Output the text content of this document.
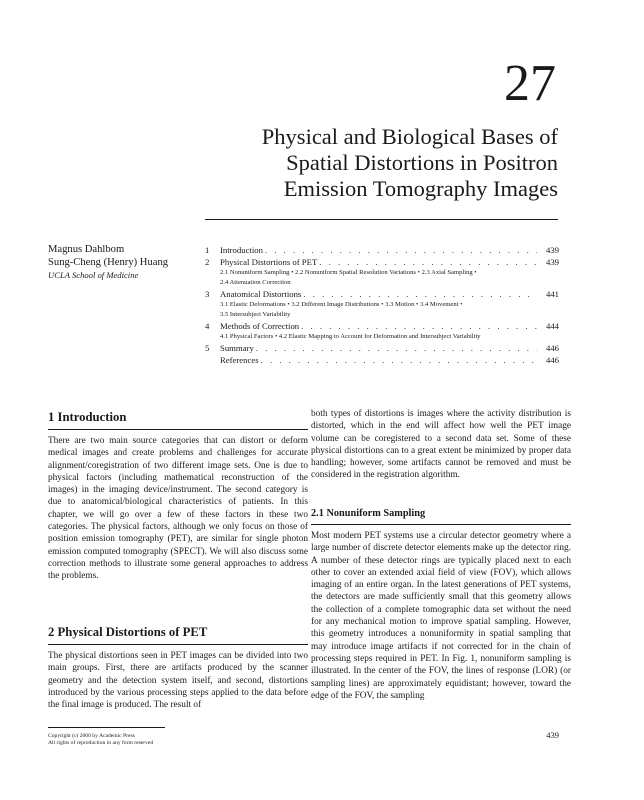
27
Physical and Biological Bases of
Spatial Distortions in Positron
Emission Tomography Images
Magnus Dahlbom
Sung-Cheng (Henry) Huang
UCLA School of Medicine
1	Introduction . . .	439
2	Physical Distortions of PET . . .	439
2.1 Nonuniform Sampling • 2.2 Nonuniform Spatial Resolution Variations • 2.3 Axial Sampling •
2.4 Attenuation Correction
3	Anatomical Distortions . . .	441
3.1 Elastic Deformations • 3.2 Different Image Distributions • 3.3 Motion • 3.4 Movement •
3.5 Intersubject Variability
4	Methods of Correction . . .	444
4.1 Physical Factors • 4.2 Elastic Mapping to Account for Deformation and Intersubject Variability
5	Summary . . .	446
References . . .	446
1 Introduction

There are two main source categories that can distort or deform medical images and create problems and challenges for accurate alignment/coregistration of two different image sets. One is due to physical factors (including mathematical reconstruction of the images) in the imaging device/instrument. The second category is due to anatomical/biological characteristics of patients. In this chapter, we will go over a few of these factors in these two categories. The physical factors, although we only focus on those of position emission tomography (PET), are similar for single photon emission computed tomography (SPECT). We will also discuss some correction methods to illustrate some general approaches to address the problems.

2 Physical Distortions of PET

The physical distortions seen in PET images can be divided into two main groups. First, there are artifacts produced by the scanner geometry and the detection system itself, and second, distortions introduced by the various processing steps applied to the data before the final image is produced. The result of

both types of distortions is images where the activity distribution is distorted, which in the end will affect how well the PET image volume can be coregistered to a second data set. Some of these physical distortions can to a great extent be minimized by proper data handling; however, some artifacts cannot be removed and must be considered in the registration algorithm.

2.1 Nonuniform Sampling

Most modern PET systems use a circular detector geometry where a large number of discrete detector elements make up the detector ring. A number of these detector rings are typically placed next to each other to cover an extended axial field of view (FOV), which allows imaging of an entire organ. In the latest generations of PET systems, the detectors are made sufficiently small that this geometry allows the collection of a complete tomographic data set without the need for any mechanical motion to improve spatial sampling. However, this geometry introduces a nonuniformity in spatial sampling that may introduce image artifacts if not corrected for in the chain of processing steps required in PET. In Fig. 1, nonuniform sampling is illustrated. In the center of the FOV, the lines of response (LOR) (or sampling lines) are approximately equidistant; however, toward the edge of the FOV, the sampling

Copyright (c) 2000 by Academic Press
All rights of reproduction in any form reserved
439
